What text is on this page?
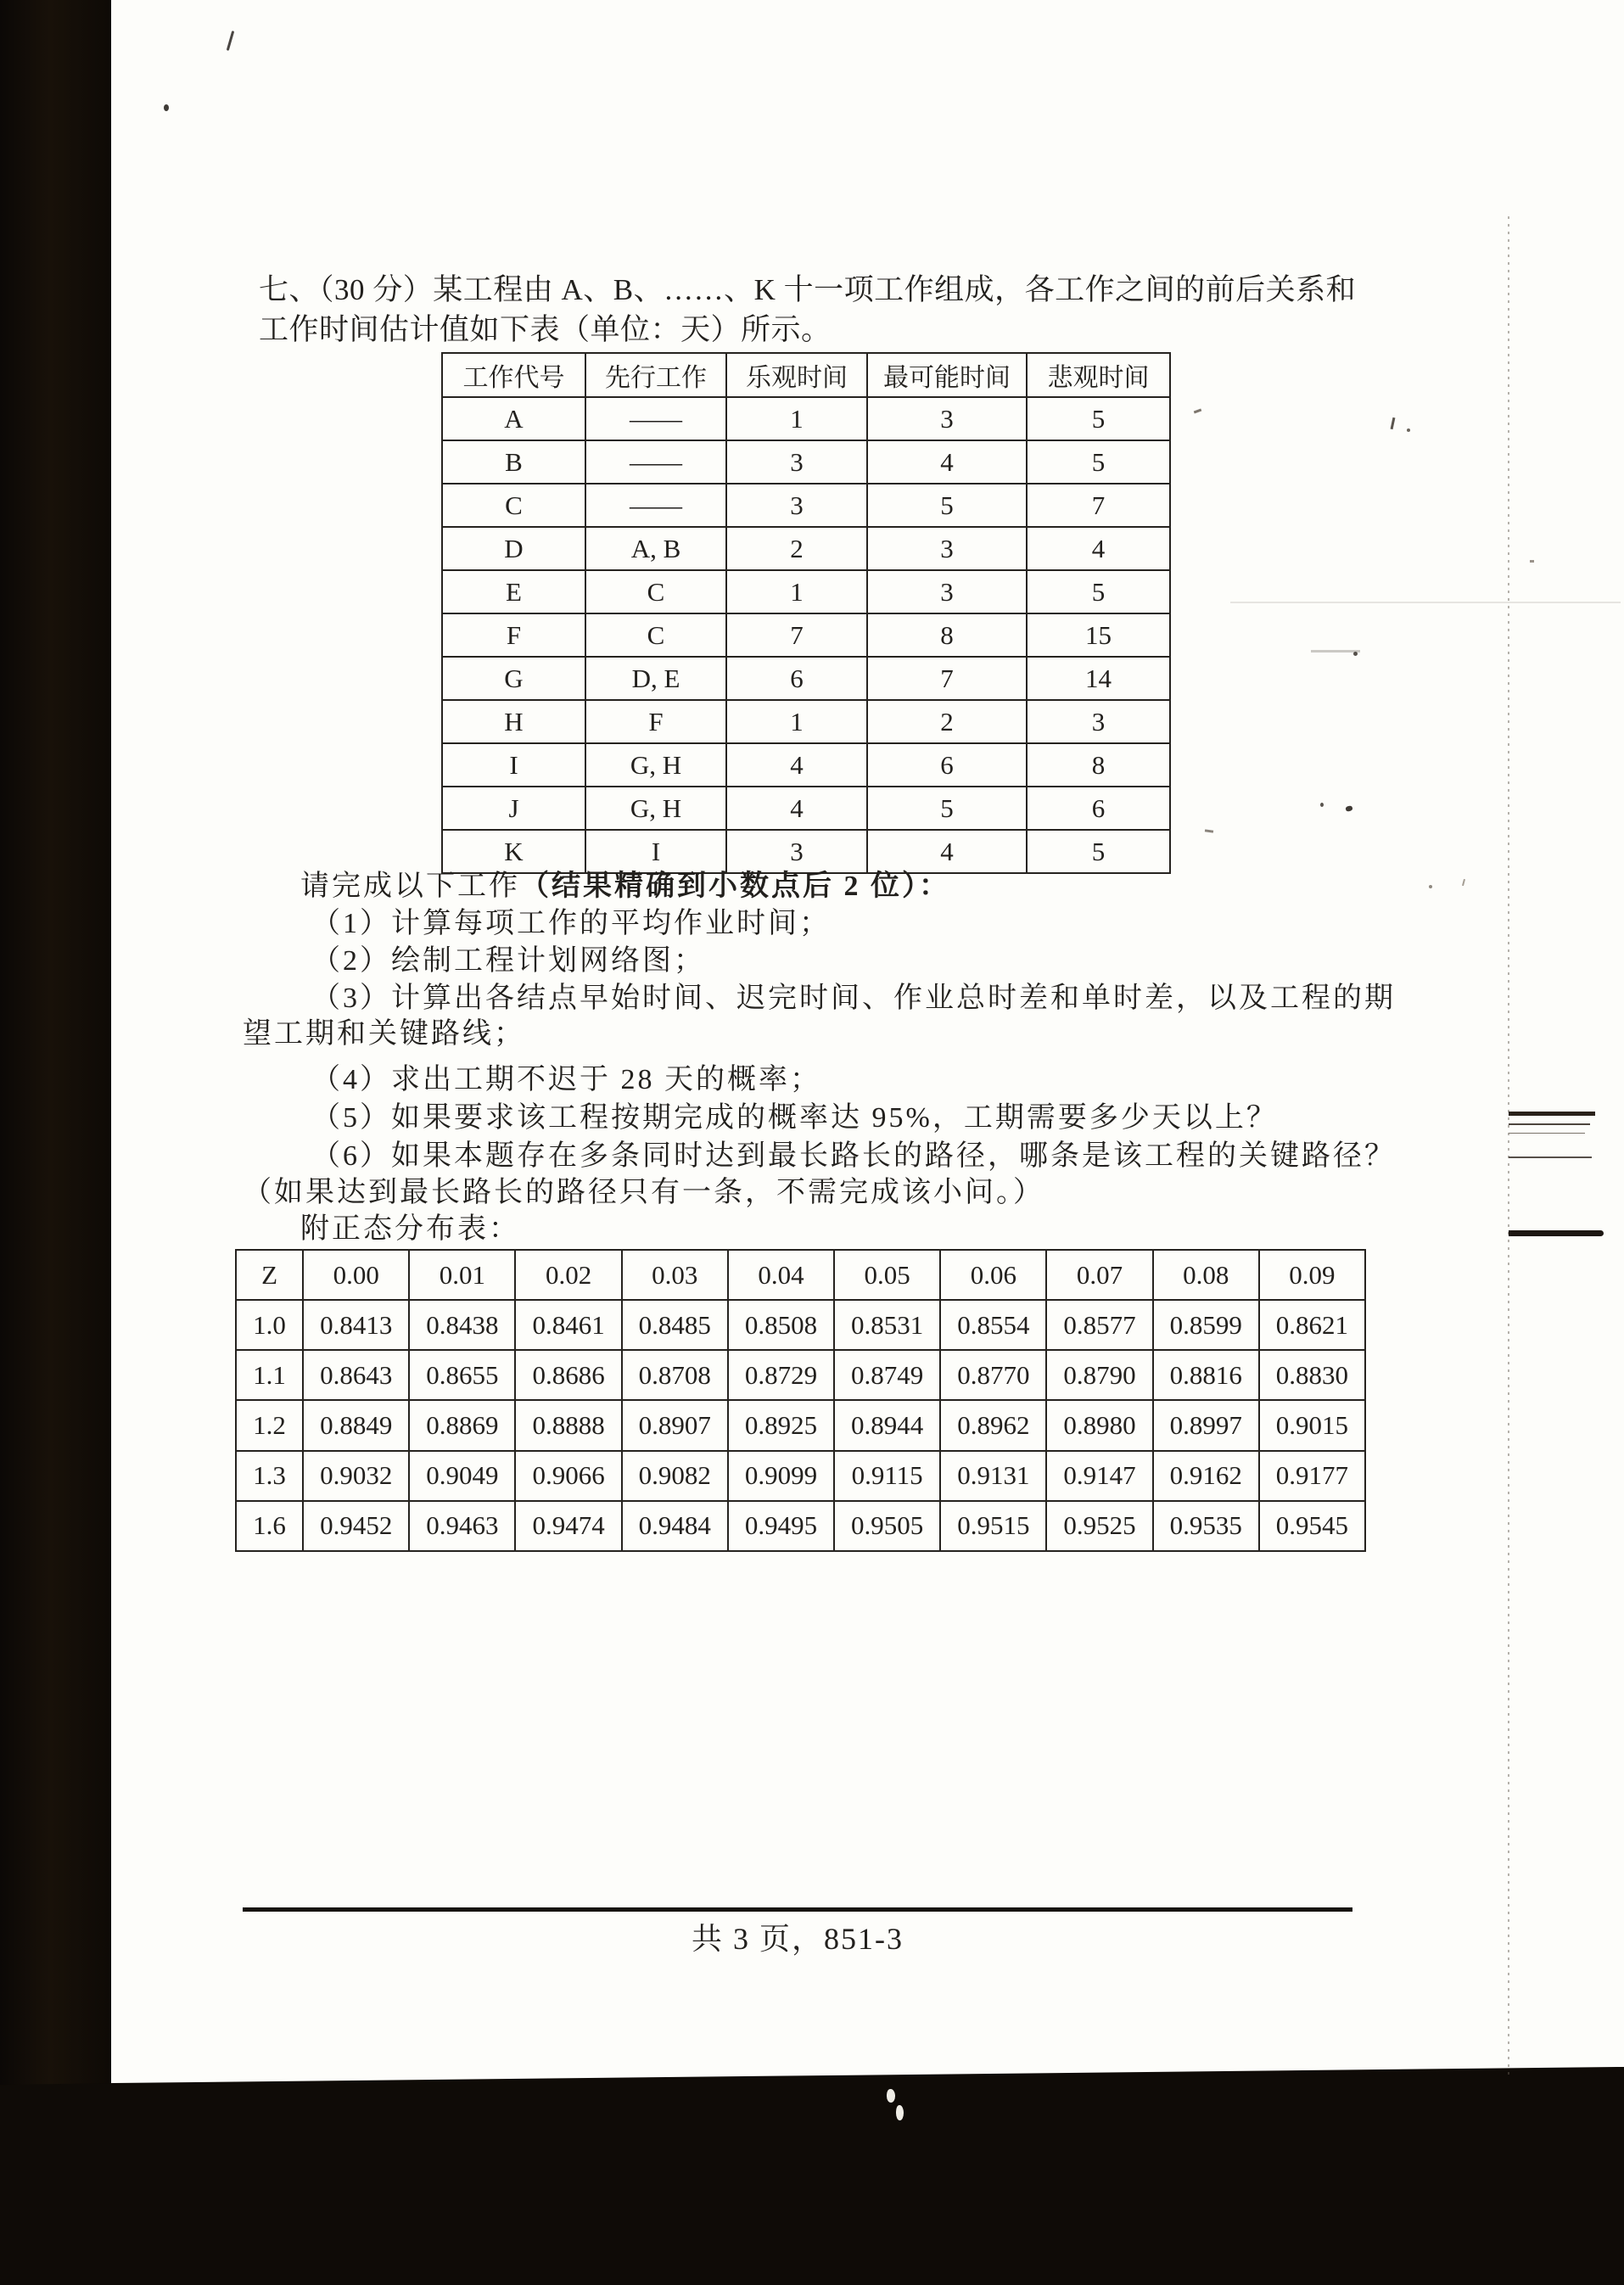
七、（30 分）某工程由 A、B、……、K 十一项工作组成，各工作之间的前后关系和
工作时间估计值如下表（单位：天）所示。
工作代号	先行工作	乐观时间	最可能时间	悲观时间
A	——	1	3	5
B	——	3	4	5
C	——	3	5	7
D	A, B	2	3	4
E	C	1	3	5
F	C	7	8	15
G	D, E	6	7	14
H	F	1	2	3
I	G, H	4	6	8
J	G, H	4	5	6
K	I	3	4	5
请完成以下工作（结果精确到小数点后 2 位）：
（1）计算每项工作的平均作业时间；
（2）绘制工程计划网络图；
（3）计算出各结点早始时间、迟完时间、作业总时差和单时差，以及工程的期
望工期和关键路线；
（4）求出工期不迟于 28 天的概率；
（5）如果要求该工程按期完成的概率达 95%，工期需要多少天以上？
（6）如果本题存在多条同时达到最长路长的路径，哪条是该工程的关键路径？
（如果达到最长路长的路径只有一条，不需完成该小问。）
附正态分布表：
Z	0.00	0.01	0.02	0.03	0.04	0.05	0.06	0.07	0.08	0.09
1.0	0.8413	0.8438	0.8461	0.8485	0.8508	0.8531	0.8554	0.8577	0.8599	0.8621
1.1	0.8643	0.8655	0.8686	0.8708	0.8729	0.8749	0.8770	0.8790	0.8816	0.8830
1.2	0.8849	0.8869	0.8888	0.8907	0.8925	0.8944	0.8962	0.8980	0.8997	0.9015
1.3	0.9032	0.9049	0.9066	0.9082	0.9099	0.9115	0.9131	0.9147	0.9162	0.9177
1.6	0.9452	0.9463	0.9474	0.9484	0.9495	0.9505	0.9515	0.9525	0.9535	0.9545
共 3 页，851-3
